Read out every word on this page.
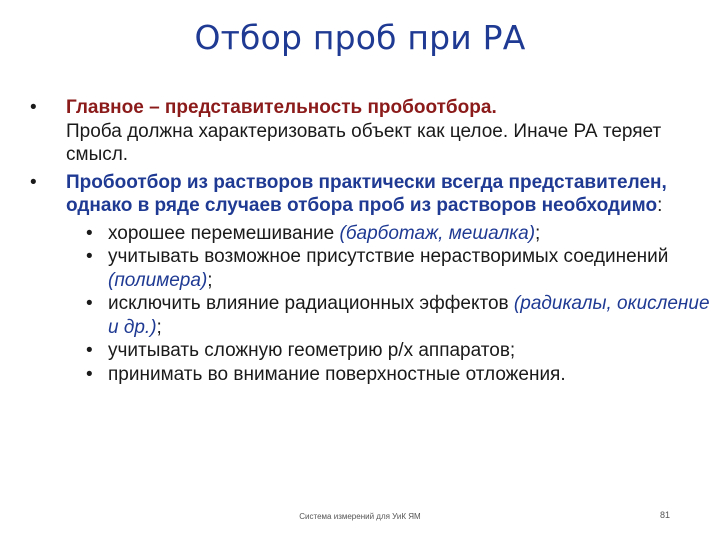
Отбор проб при РА
• Главное – представительность пробоотбора.
Проба должна характеризовать объект как целое. Иначе РА теряет смысл.
• Пробоотбор из растворов практически всегда представителен, однако в ряде случаев отбора проб из растворов необходимо:
• хорошее перемешивание (барботаж, мешалка);
• учитывать возможное присутствие нерастворимых соединений (полимера);
• исключить влияние радиационных эффектов (радикалы, окисление и др.);
• учитывать сложную геометрию р/х аппаратов;
• принимать во внимание поверхностные отложения.
Система измерений для УиК ЯМ	81
